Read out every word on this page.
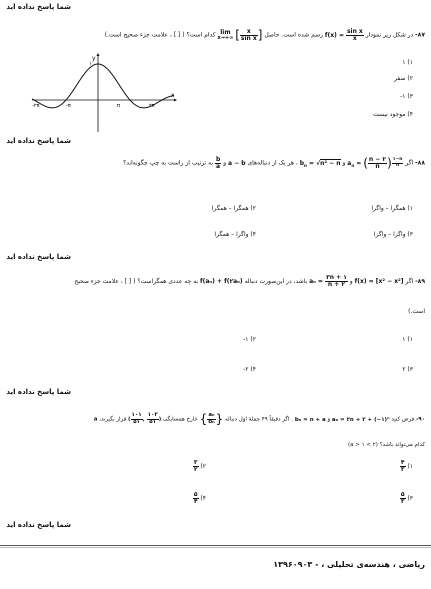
شما پاسخ نداده اید
۸۷- در شکل زیر نمودار $f(x) = \frac{\text{sin x}}{x}$
رسم شده است. حاصل
lim
x→+∞ [ $\frac{x}{\text{sin x}}$ ] کدام است؟ ( [ ] ، علامت جزء صحیح است.)
y
x
۱
-۲π	-π	π	۲π
۱) ۱
۲) صفر
۳) ۱-
۴) موجود نیست
شما پاسخ نداده اید
۸۸- اگر $a_n$ = ( $\frac{n - ۲}{n}$ ) $\frac{۱-n}{n}$
و $b_n = √n^2 - n$ ، هر یک از دنباله‌های a − b و
$\frac{b}{a}$
به ترتیب از راست به چپ چگونه‌اند؟
۱) همگرا – واگرا
۲) همگرا – همگرا
۳) واگرا – واگرا
۴) واگرا – همگرا
شما پاسخ نداده اید
۸۹- اگر f(x) = [x² − x²] و $a_n = \frac{۳n + ۱}{n + ۲}$
باشد، در این‌صورت دنباله f(aₙ) + f(۲aₙ) به چه عددی همگراست؟ ( [ ] ، علامت جزء صحیح
است.)
۱) ۱
۲) ۱-
۳) ۲
۴) ۲-
شما پاسخ نداده اید
۹۰- فرض کنید aₙ = ۲n + ۲ + (−۱)ⁿ و bₙ = n + a . اگر دقیقاً ۴۹ جملهٔ اول دنباله {
$\frac{\text{aₙ}}{\text{bₙ}}$
} خارج همسایگی ( $\frac{۱۰۱}{۵۱}$ , $\frac{۱۰۳}{۵۱}$ ) قرار بگیرند، a
کدام می‌تواند باشد؟ (۲ > a > ۱)
۱)
$\frac{۴}{۳}$
۲)
$\frac{۳}{۲}$
۳)
$\frac{۵}{۳}$
۴)
$\frac{۵}{۴}$
شما پاسخ نداده اید
ریاضی ، هندسه‌ی تحلیلی ، - ۱۳۹۶۰۹۰۳
